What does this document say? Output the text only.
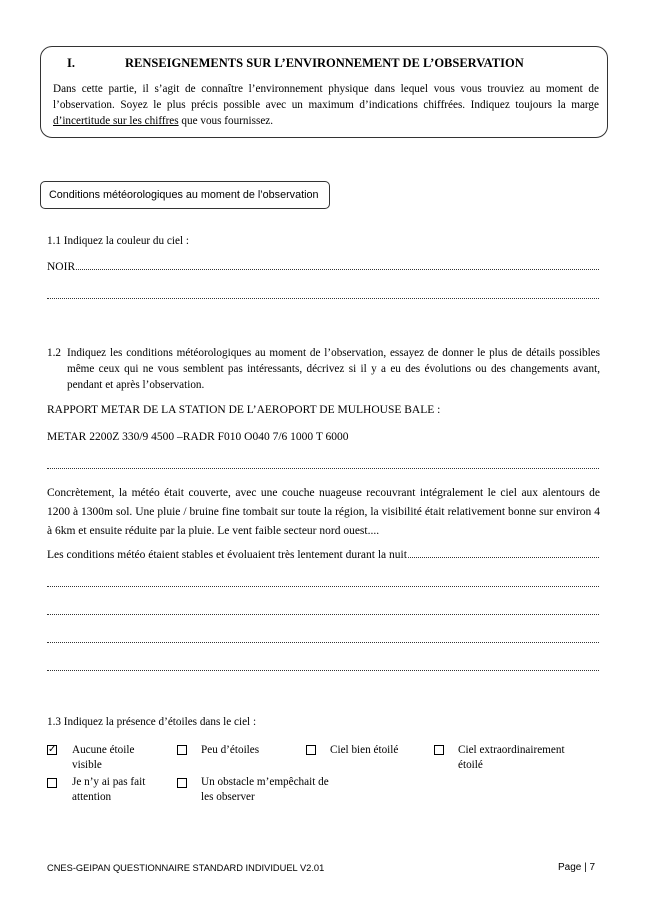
I.	RENSEIGNEMENTS SUR L’ENVIRONNEMENT DE L’OBSERVATION
Dans cette partie, il s’agit de connaître l’environnement physique dans lequel vous vous trouviez au moment de l’observation. Soyez le plus précis possible avec un maximum d’indications chiffrées. Indiquez toujours la marge d’incertitude sur les chiffres que vous fournissez.
Conditions météorologiques au moment de l’observation
1.1 Indiquez la couleur du ciel :
NOIR
1.2 Indiquez les conditions météorologiques au moment de l’observation, essayez de donner le plus de détails possibles même ceux qui ne vous semblent pas intéressants, décrivez si il y a eu des évolutions ou des changements avant, pendant et après l’observation.
RAPPORT METAR DE LA STATION DE L’AEROPORT DE MULHOUSE BALE :
METAR 2200Z 330/9 4500 –RADR F010 O040 7/6 1000 T 6000
Concrètement, la météo était couverte, avec une couche nuageuse recouvrant intégralement le ciel aux alentours de 1200 à 1300m sol. Une pluie / bruine fine tombait sur toute la région, la visibilité était relativement bonne sur environ 4 à 6km et ensuite réduite par la pluie. Le vent faible secteur nord ouest....
Les conditions météo étaient stables et évoluaient très lentement durant la nuit
1.3 Indiquez la présence d’étoiles dans le ciel :
✓ Aucune étoile visible
Peu d’étoiles	Ciel bien étoilé	Ciel extraordinairement étoilé
Je n’y ai pas fait attention
Un obstacle m’empêchait de les observer
CNES-GEIPAN QUESTIONNAIRE STANDARD INDIVIDUEL V2.01	Page | 7
